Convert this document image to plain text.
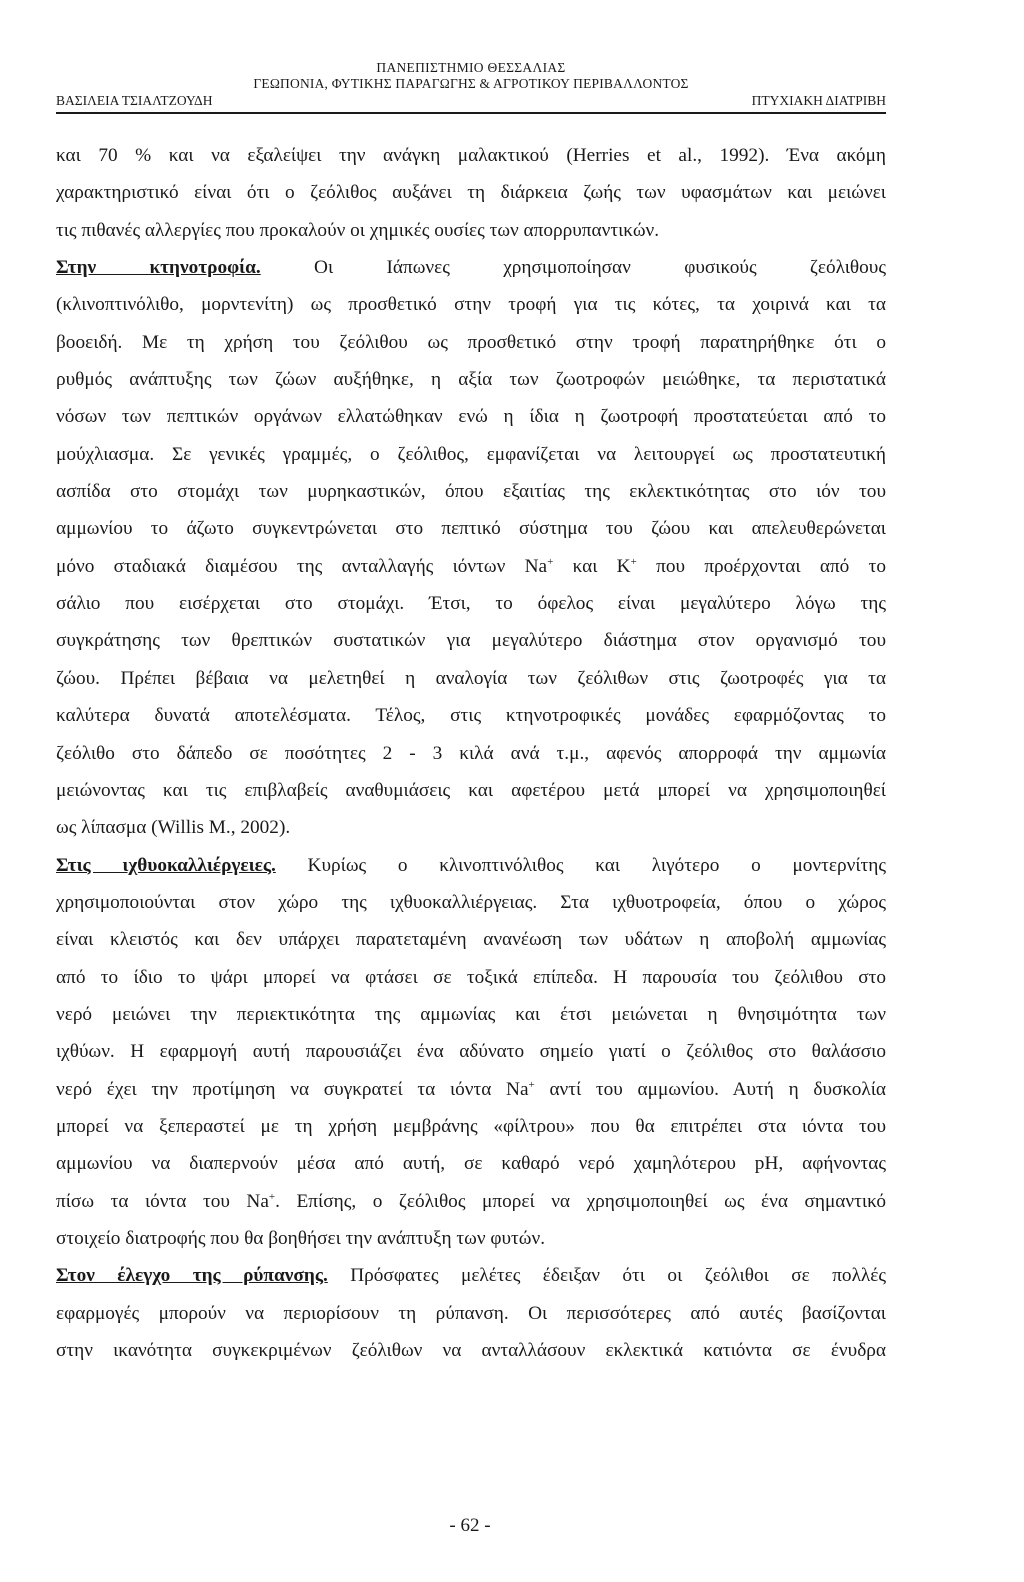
ΠΑΝΕΠΙΣΤΗΜΙΟ ΘΕΣΣΑΛΙΑΣ
ΓΕΩΠΟΝΙΑ, ΦΥΤΙΚΗΣ ΠΑΡΑΓΩΓΗΣ & ΑΓΡΟΤΙΚΟΥ ΠΕΡΙΒΑΛΛΟΝΤΟΣ
ΒΑΣΙΛΕΙΑ ΤΣΙΑΛΤΖΟΥΔΗ	ΠΤΥΧΙΑΚΗ ΔΙΑΤΡΙΒΗ

και 70 % και να εξαλείψει την ανάγκη μαλακτικού (Herries et al., 1992). Ένα ακόμη

χαρακτηριστικό είναι ότι ο ζεόλιθος αυξάνει τη διάρκεια ζωής των υφασμάτων και μειώνει

τις πιθανές αλλεργίες που προκαλούν οι χημικές ουσίες των απορρυπαντικών.

Στην κτηνοτροφία. Οι Ιάπωνες χρησιμοποίησαν φυσικούς ζεόλιθους

(κλινοπτινόλιθο, μορντενίτη) ως προσθετικό στην τροφή για τις κότες, τα χοιρινά και τα

βοοειδή. Με τη χρήση του ζεόλιθου ως προσθετικό στην τροφή παρατηρήθηκε ότι ο

ρυθμός ανάπτυξης των ζώων αυξήθηκε, η αξία των ζωοτροφών μειώθηκε, τα περιστατικά

νόσων των πεπτικών οργάνων ελλατώθηκαν ενώ η ίδια η ζωοτροφή προστατεύεται από το

μούχλιασμα. Σε γενικές γραμμές, ο ζεόλιθος, εμφανίζεται να λειτουργεί ως προστατευτική

ασπίδα στο στομάχι των μυρηκαστικών, όπου εξαιτίας της εκλεκτικότητας στο ιόν του

αμμωνίου το άζωτο συγκεντρώνεται στο πεπτικό σύστημα του ζώου και απελευθερώνεται

μόνο σταδιακά διαμέσου της ανταλλαγής ιόντων Na+ και K+ που προέρχονται από το

σάλιο που εισέρχεται στο στομάχι. Έτσι, το όφελος είναι μεγαλύτερο λόγω της

συγκράτησης των θρεπτικών συστατικών για μεγαλύτερο διάστημα στον οργανισμό του

ζώου. Πρέπει βέβαια να μελετηθεί η αναλογία των ζεόλιθων στις ζωοτροφές για τα

καλύτερα δυνατά αποτελέσματα. Τέλος, στις κτηνοτροφικές μονάδες εφαρμόζοντας το

ζεόλιθο στο δάπεδο σε ποσότητες 2 - 3 κιλά ανά τ.μ., αφενός απορροφά την αμμωνία

μειώνοντας και τις επιβλαβείς αναθυμιάσεις και αφετέρου μετά μπορεί να χρησιμοποιηθεί

ως λίπασμα (Willis M., 2002).

Στις ιχθυοκαλλιέργειες. Κυρίως ο κλινοπτινόλιθος και λιγότερο ο μοντερνίτης

χρησιμοποιούνται στον χώρο της ιχθυοκαλλιέργειας. Στα ιχθυοτροφεία, όπου ο χώρος

είναι κλειστός και δεν υπάρχει παρατεταμένη ανανέωση των υδάτων η αποβολή αμμωνίας

από το ίδιο το ψάρι μπορεί να φτάσει σε τοξικά επίπεδα. Η παρουσία του ζεόλιθου στο

νερό μειώνει την περιεκτικότητα της αμμωνίας και έτσι μειώνεται η θνησιμότητα των

ιχθύων. Η εφαρμογή αυτή παρουσιάζει ένα αδύνατο σημείο γιατί ο ζεόλιθος στο θαλάσσιο

νερό έχει την προτίμηση να συγκρατεί τα ιόντα Na+ αντί του αμμωνίου. Αυτή η δυσκολία

μπορεί να ξεπεραστεί με τη χρήση μεμβράνης «φίλτρου» που θα επιτρέπει στα ιόντα του

αμμωνίου να διαπερνούν μέσα από αυτή, σε καθαρό νερό χαμηλότερου pH, αφήνοντας

πίσω τα ιόντα του Na+. Επίσης, ο ζεόλιθος μπορεί να χρησιμοποιηθεί ως ένα σημαντικό

στοιχείο διατροφής που θα βοηθήσει την ανάπτυξη των φυτών.

Στον έλεγχο της ρύπανσης. Πρόσφατες μελέτες έδειξαν ότι οι ζεόλιθοι σε πολλές

εφαρμογές μπορούν να περιορίσουν τη ρύπανση. Οι περισσότερες από αυτές βασίζονται

στην ικανότητα συγκεκριμένων ζεόλιθων να ανταλλάσουν εκλεκτικά κατιόντα σε ένυδρα

- 62 -
